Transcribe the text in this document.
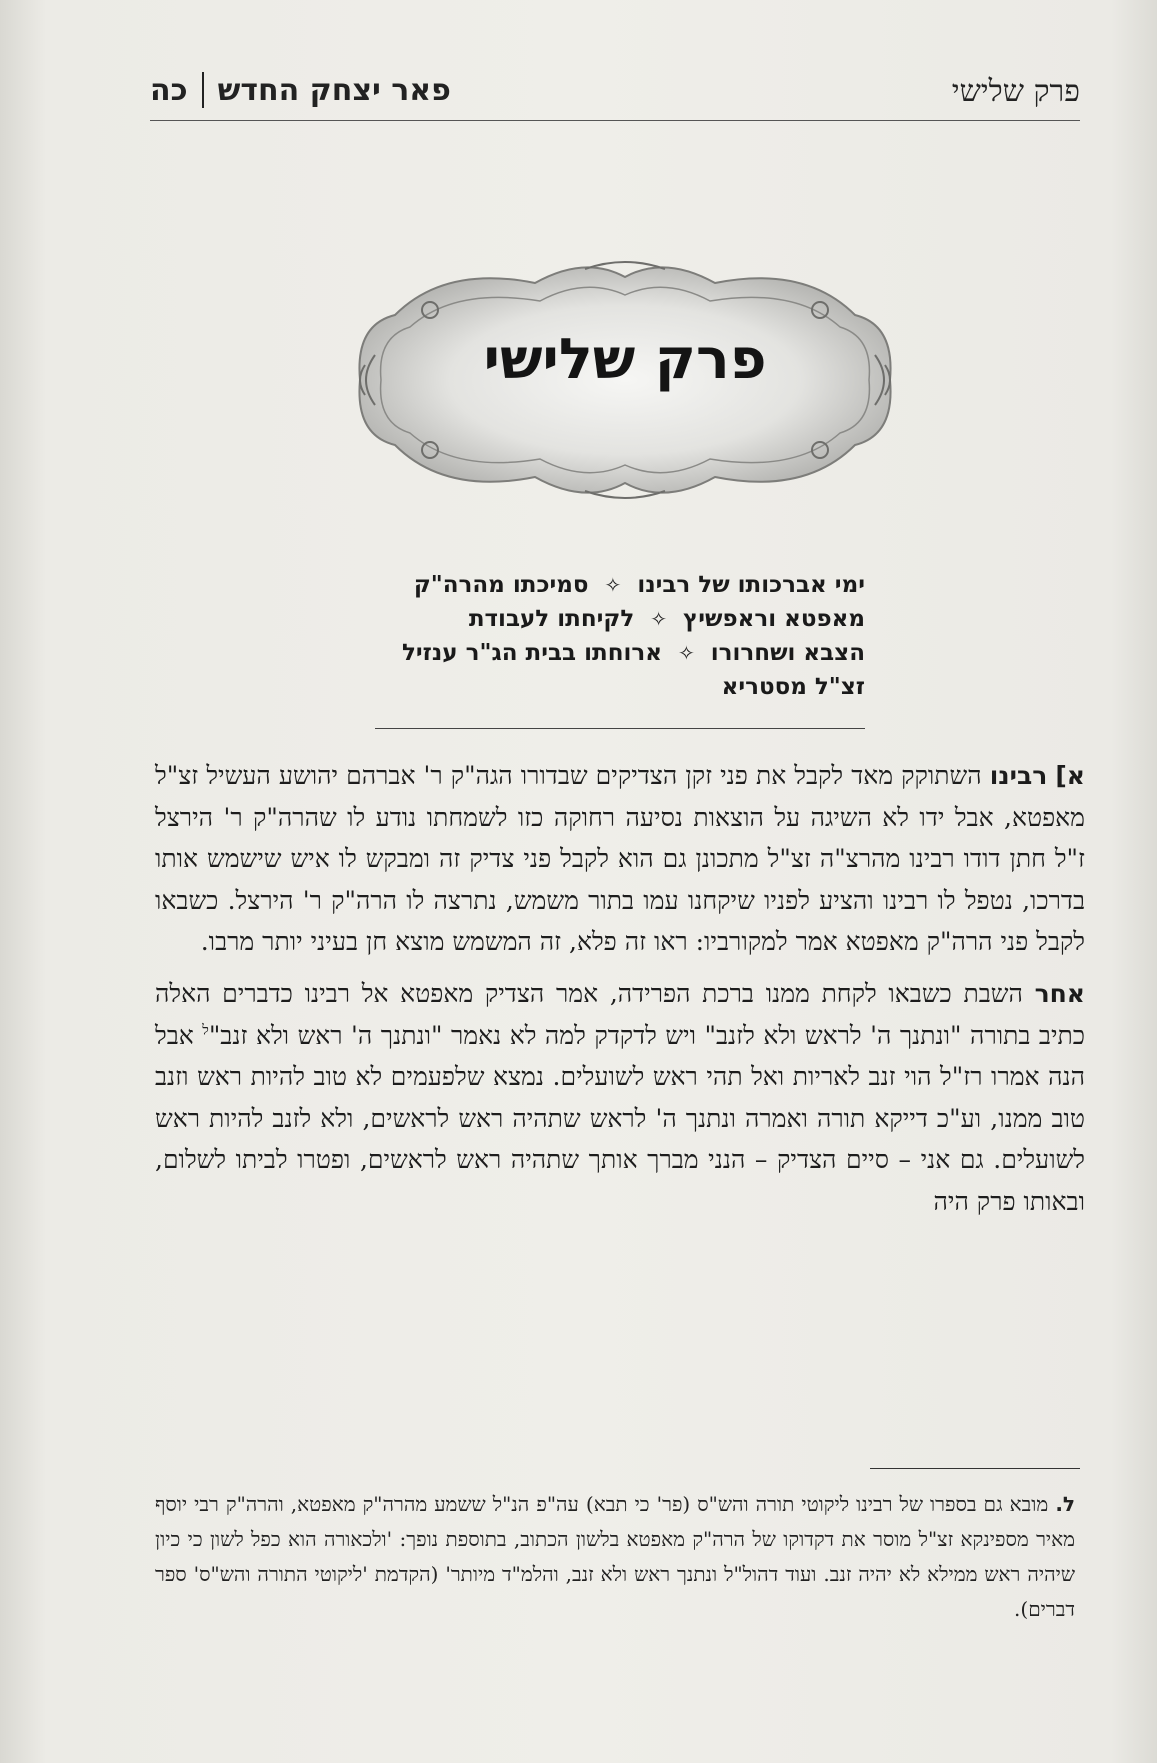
פרק שלישי
פאר יצחק החדש
כה
פרק שלישי
ימי אברכותו של רבינו ✧ סמיכתו מהרה"ק
מאפטא וראפשיץ ✧ לקיחתו לעבודת
הצבא ושחרורו ✧ ארוחתו בבית הג"ר ענזיל
זצ"ל מסטריא

א] רבינו השתוקק מאד לקבל את פני זקן הצדיקים שבדורו הגה"ק ר' אברהם יהושע העשיל זצ"ל מאפטא, אבל ידו לא השיגה על הוצאות נסיעה רחוקה כזו לשמחתו נודע לו שהרה"ק ר' הירצל ז"ל חתן דודו רבינו מהרצ"ה זצ"ל מתכונן גם הוא לקבל פני צדיק זה ומבקש לו איש שישמש אותו בדרכו, נטפל לו רבינו והציע לפניו שיקחנו עמו בתור משמש, נתרצה לו הרה"ק ר' הירצל. כשבאו לקבל פני הרה"ק מאפטא אמר למקורביו: ראו זה פלא, זה המשמש מוצא חן בעיני יותר מרבו.

אחר השבת כשבאו לקחת ממנו ברכת הפרידה, אמר הצדיק מאפטא אל רבינו כדברים האלה כתיב בתורה "ונתנך ה' לראש ולא לזנב" ויש לדקדק למה לא נאמר "ונתנך ה' ראש ולא זנב"$^ל$ אבל הנה אמרו רז"ל הוי זנב לאריות ואל תהי ראש לשועלים. נמצא שלפעמים לא טוב להיות ראש וזנב טוב ממנו, וע"כ דייקא תורה ואמרה ונתנך ה' לראש שתהיה ראש לראשים, ולא לזנב להיות ראש לשועלים. גם אני – סיים הצדיק – הנני מברך אותך שתהיה ראש לראשים, ופטרו לביתו לשלום, ובאותו פרק היה

ל. מובא גם בספרו של רבינו ליקוטי תורה והש"ס (פר' כי תבא) עה"פ הנ"ל ששמע מהרה"ק מאפטא, והרה"ק רבי יוסף מאיר מספינקא זצ"ל מוסר את דקדוקו של הרה"ק מאפטא בלשון הכתוב, בתוספת נופך: 'ולכאורה הוא כפל לשון כי כיון שיהיה ראש ממילא לא יהיה זנב. ועוד דהול"ל ונתנך ראש ולא זנב, והלמ"ד מיותר' (הקדמת 'ליקוטי התורה והש"ס' ספר דברים).
